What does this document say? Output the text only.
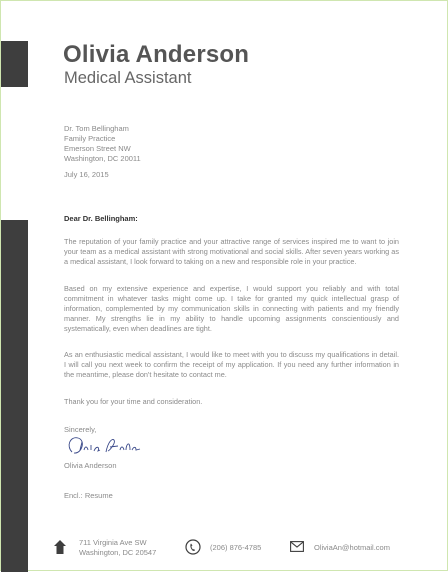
Olivia Anderson
Medical Assistant
Dr. Tom Bellingham
Family Practice
Emerson Street NW
Washington, DC 20011
July 16, 2015
Dear Dr. Bellingham:
The reputation of your family practice and your attractive range of services inspired me to want to join your team as a medical assistant with strong motivational and social skills. After seven years working as a medical assistant, I look forward to taking on a new and responsible role in your practice.
Based on my extensive experience and expertise, I would support you reliably and with total commitment in whatever tasks might come up. I take for granted my quick intellectual grasp of information, complemented by my communication skills in connecting with patients and my friendly manner. My strengths lie in my ability to handle upcoming assignments conscientiously and systematically, even when deadlines are tight.
As an enthusiastic medical assistant, I would like to meet with you to discuss my qualifications in detail. I will call you next week to confirm the receipt of my application. If you need any further information in the meantime, please don't hesitate to contact me.
Thank you for your time and consideration.
Sincerely,
Olivia Anderson
Encl.: Resume
711 Virginia Ave SW
Washington, DC 20547
(206) 876-4785	OliviaAn@hotmail.com
